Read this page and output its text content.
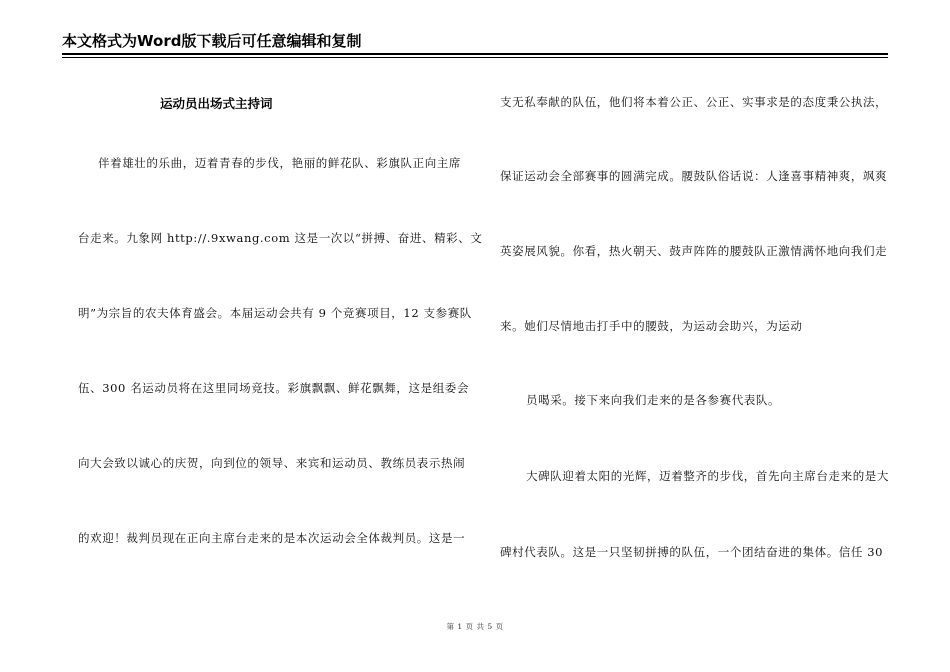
本文格式为Word版下载后可任意编辑和复制
运动员出场式主持词
伴着雄壮的乐曲，迈着青春的步伐，艳丽的鲜花队、彩旗队正向主席
台走来。九象网 http://.9xwang.com 这是一次以“拼搏、奋进、精彩、文
明”为宗旨的农夫体育盛会。本届运动会共有 9 个竞赛项目，12 支参赛队
伍、300 名运动员将在这里同场竞技。彩旗飘飘、鲜花飘舞，这是组委会
向大会致以诚心的庆贺，向到位的领导、来宾和运动员、教练员表示热闹
的欢迎！裁判员现在正向主席台走来的是本次运动会全体裁判员。这是一
支无私奉献的队伍，他们将本着公正、公正、实事求是的态度秉公执法，
保证运动会全部赛事的圆满完成。腰鼓队俗话说：人逢喜事精神爽，飒爽
英姿展风貌。你看，热火朝天、鼓声阵阵的腰鼓队正激情满怀地向我们走
来。她们尽情地击打手中的腰鼓，为运动会助兴，为运动
员喝采。接下来向我们走来的是各参赛代表队。
大碑队迎着太阳的光辉，迈着整齐的步伐，首先向主席台走来的是大
碑村代表队。这是一只坚韧拼搏的队伍，一个团结奋进的集体。信任 30
第 1 页 共 5 页
